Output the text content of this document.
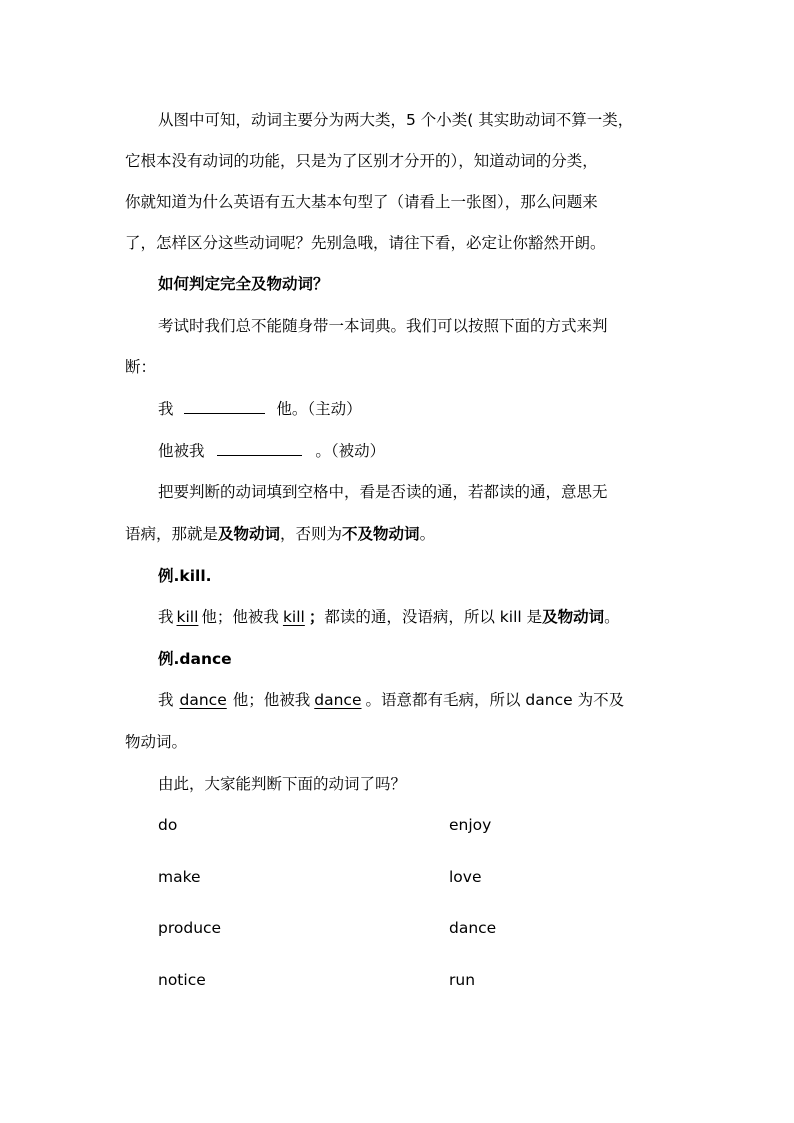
从图中可知，动词主要分为两大类，5 个小类( 其实助动词不算一类，
它根本没有动词的功能，只是为了区别才分开的），知道动词的分类，
你就知道为什么英语有五大基本句型了（请看上一张图），那么问题来
了，怎样区分这些动词呢？先别急哦，请往下看，必定让你豁然开朗。
如何判定完全及物动词？
考试时我们总不能随身带一本词典。我们可以按照下面的方式来判
断：
我	他。（主动）
他被我	。（被动）
把要判断的动词填到空格中，看是否读的通，若都读的通，意思无
语病，那就是及物动词，否则为不及物动词。
例.kill.
我 kill 他；他被我 kill ；都读的通，没语病，所以 kill 是及物动词。
例.dance
我 dance 他；他被我 dance 。语意都有毛病，所以 dance 为不及
物动词。
由此，大家能判断下面的动词了吗？
do	enjoy
make	love
produce	dance
notice	run
